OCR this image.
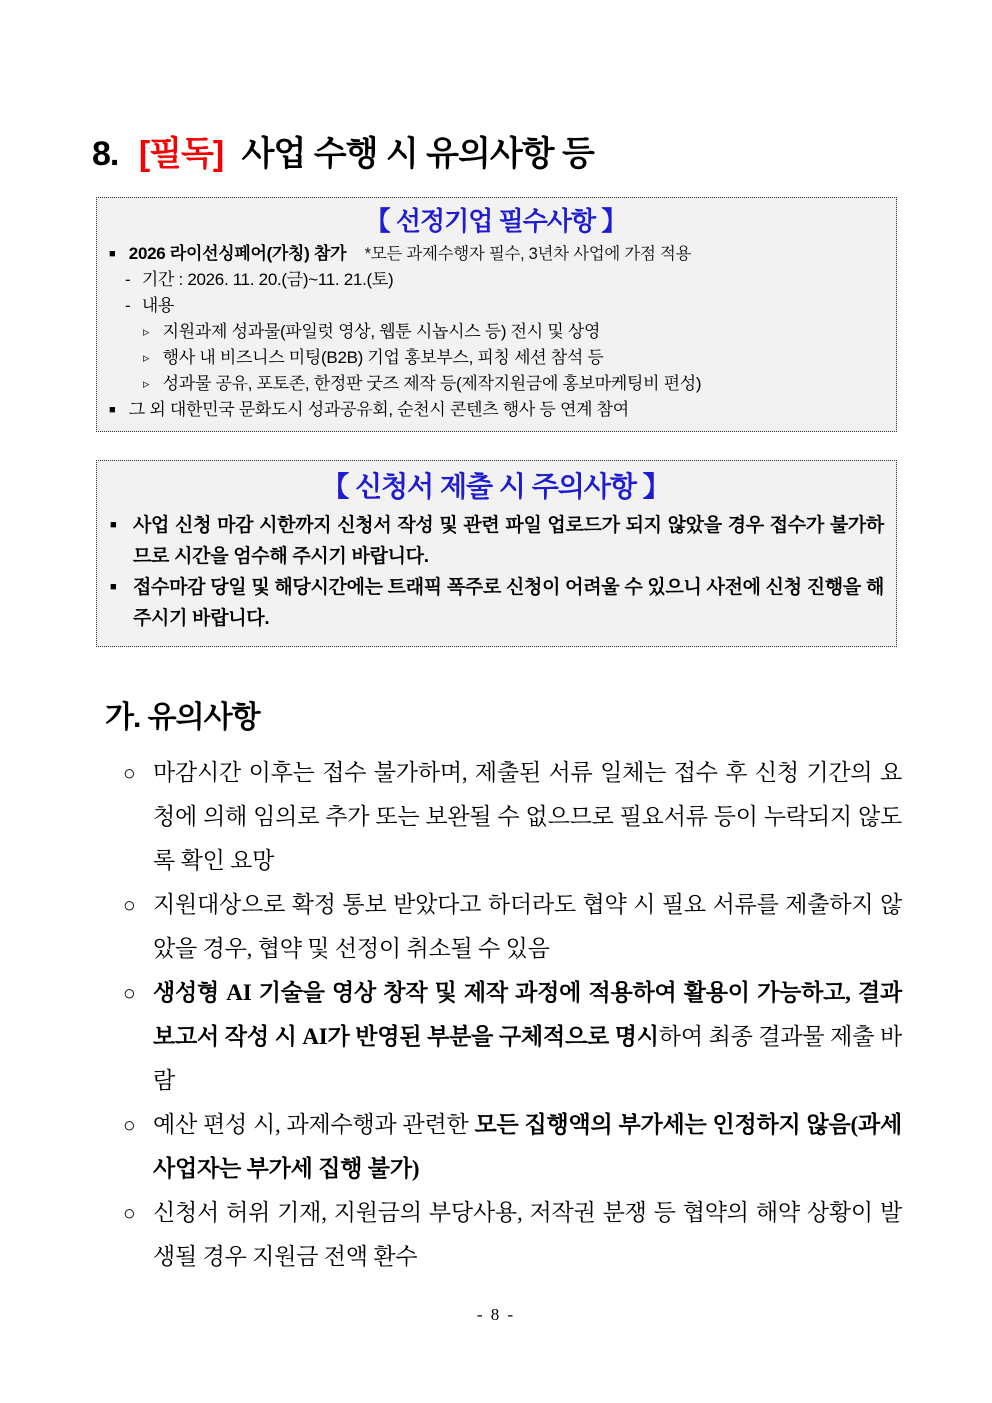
8. [필독] 사업 수행 시 유의사항 등
【 선정기업 필수사항 】
■ 2026 라이선싱페어(가칭) 참가 *모든 과제수행자 필수, 3년차 사업에 가점 적용
- 기간 : 2026. 11. 20.(금)~11. 21.(토)
- 내용
▹ 지원과제 성과물(파일럿 영상, 웹툰 시놉시스 등) 전시 및 상영
▹ 행사 내 비즈니스 미팅(B2B) 기업 홍보부스, 피칭 세션 참석 등
▹ 성과물 공유, 포토존, 한정판 굿즈 제작 등(제작지원금에 홍보마케팅비 편성)
■ 그 외 대한민국 문화도시 성과공유회, 순천시 콘텐츠 행사 등 연계 참여
【 신청서 제출 시 주의사항 】
■ 사업 신청 마감 시한까지 신청서 작성 및 관련 파일 업로드가 되지 않았을 경우 접수가 불가하므로 시간을 엄수해 주시기 바랍니다.

■ 접수마감 당일 및 해당시간에는 트래픽 폭주로 신청이 어려울 수 있으니 사전에 신청 진행을 해주시기 바랍니다.

가. 유의사항
○ 마감시간 이후는 접수 불가하며, 제출된 서류 일체는 접수 후 신청 기간의 요청에 의해 임의로 추가 또는 보완될 수 없으므로 필요서류 등이 누락되지 않도록 확인 요망

○ 지원대상으로 확정 통보 받았다고 하더라도 협약 시 필요 서류를 제출하지 않았을 경우, 협약 및 선정이 취소될 수 있음

○ 생성형 AI 기술을 영상 창작 및 제작 과정에 적용하여 활용이 가능하고, 결과보고서 작성 시 AI가 반영된 부분을 구체적으로 명시하여 최종 결과물 제출 바람

○ 예산 편성 시, 과제수행과 관련한 모든 집행액의 부가세는 인정하지 않음(과세사업자는 부가세 집행 불가)

○ 신청서 허위 기재, 지원금의 부당사용, 저작권 분쟁 등 협약의 해약 상황이 발생될 경우 지원금 전액 환수

- 8 -
